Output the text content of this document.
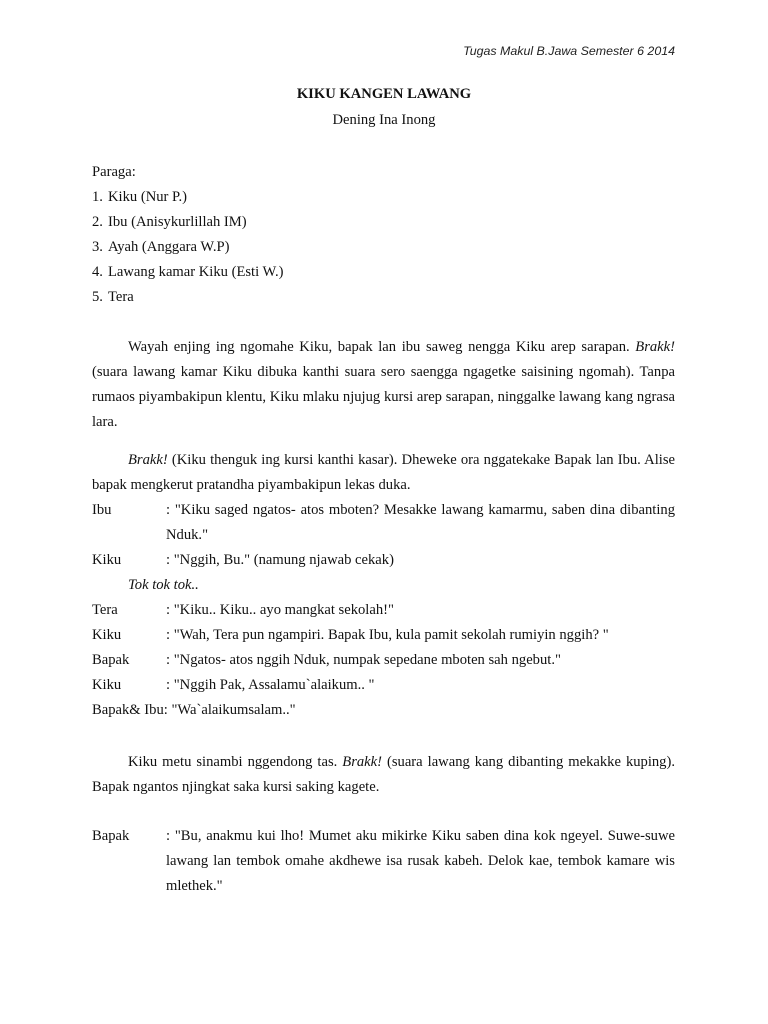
Tugas Makul B.Jawa Semester 6 2014
KIKU KANGEN LAWANG
Dening Ina Inong
Paraga:
1. Kiku (Nur P.)
2. Ibu (Anisykurlillah IM)
3. Ayah (Anggara W.P)
4. Lawang kamar Kiku (Esti W.)
5. Tera
Wayah enjing ing ngomahe Kiku, bapak lan ibu saweg nengga Kiku arep sarapan. Brakk! (suara lawang kamar Kiku dibuka kanthi suara sero saengga ngagetke saisining ngomah). Tanpa rumaos piyambakipun klentu, Kiku mlaku njujug kursi arep sarapan, ninggalke lawang kang ngrasa lara.
Brakk! (Kiku thenguk ing kursi kanthi kasar). Dheweke ora nggatekake Bapak lan Ibu. Alise bapak mengkerut pratandha piyambakipun lekas duka.
Ibu	: "Kiku saged ngatos- atos mboten? Mesakke lawang kamarmu, saben dina dibanting Nduk."
Kiku	: "Nggih, Bu." (namung njawab cekak)
Tok tok tok..
Tera	: "Kiku.. Kiku.. ayo mangkat sekolah!"
Kiku	: "Wah, Tera pun ngampiri. Bapak Ibu, kula pamit sekolah rumiyin nggih? "
Bapak	: "Ngatos- atos nggih Nduk, numpak sepedane mboten sah ngebut."
Kiku	: "Nggih Pak, Assalamu`alaikum.. "
Bapak& Ibu: "Wa`alaikumsalam.."
Kiku metu sinambi nggendong tas. Brakk! (suara lawang kang dibanting mekakke kuping). Bapak ngantos njingkat saka kursi saking kagete.
Bapak	: "Bu, anakmu kui lho! Mumet aku mikirke Kiku saben dina kok ngeyel. Suwe-suwe lawang lan tembok omahe akdhewe isa rusak kabeh. Delok kae, tembok kamare wis mlethek."
